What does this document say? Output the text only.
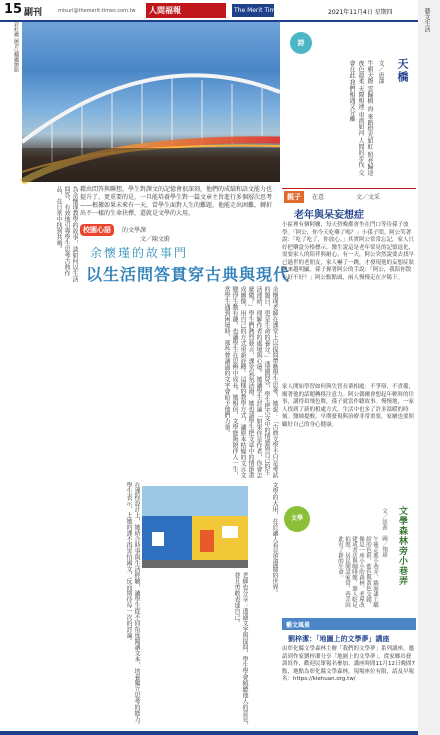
15 副刊	misurl@themerit-times.com.tw	人間福報	The Merit Times	2021年11月4日 星期四	藝文生活
彩虹橋 圖/片/翻攝網路	詩
天橋
文／唐澤
牛頓天際 雲歸橋 海 來路燈光如虹 照亮歸途 夜色溫柔 天際相連 車流如河 人間的步伐 交會在此 我們相遇又分離
藉由問答與聯想，學生對課文的記憶會很深刻，他們的成績和語文能力也提升了，更重要的是，一旦能培養學生對一篇文章主旨進行多個層次思考——根據如果未來有一天，當學生面對人生的難題，他能走出困難，轉折出不一樣的生命抉擇，還就是文學的大用。
校園心語	的文學課
文／陳文蔚
余懷瑾的故事門
以生活問答貫穿古典與現代
為余懷瑾教學的故事，談如何以生活問答，有效地引導學生思考古典作品，在日常中找到共鳴。
余懷瑾老師在課堂上以提問帶動學生思考，她說：「古典文學不只是考試的題目，更是生命的養分。」透過問答，學生把古文中的情感與自己的生活連結，理解作者的處境與心境。她讓學生討論「如果你是作者，你會怎麼做？」學生們熱烈發言，課堂氣氛活潑。她也請學生把文章中的情節畫成圖像，用自己的方式重新詮釋。這樣的教學方式，讓原本枯燥的文言文變得生動有趣，也讓學生在思辨中成長。她相信，文學能夠陪伴人一生，當學生遇到困境時，那些曾讀過的文字會給予他們力量。
在課程設計上，她結合時事與生活經驗，讓學生從不同角度閱讀文本，培養獨立思考的能力。學生表示，上她的課不再害怕國文，反而期待每一次的討論。	文學的大用，在於讓人看見更遼闊的世界。
老師也分享：透過文字與提問，學生學會傾聽他人的意見，並且勇敢表達自己。
親子	在意	文／文采
老年與呆妄想症
小區裡有個阿嬤，每天傍晚都會坐在門口等待孫子放學。「阿公，你今天吃藥了嗎？」小孫子問。阿公笑著說：「吃了吃了，你放心。」其實阿公常常忘記，家人只好把藥盒分格標示。醫生說這是老年常見的記憶退化，需要家人的陪伴與耐心。有一天，阿公突然說要去找早已過世的老朋友，家人嚇了一跳，才發現他的妄想症狀越來越明顯。孫子握著阿公的手說：「阿公，我陪你散步好不好？」阿公點點頭，兩人慢慢走在夕陽下。
家人開始學習如何與失智長輩相處：不爭辯、不責備，順著他的話題轉移注意力。阿公偶爾會想起年輕時的往事，講得眉飛色舞，孫子就當作聽故事。慢慢地，一家人找到了新的相處方式，生活中也多了許多溫暖的時刻。醫師提醒，早期發現與治療非常重要，家屬也要照顧好自己的身心健康。
文學	文學森林旁小巷弄
文／淡黃　圖／翔瑋
午後走進小巷弄，牆面漆上繽紛的色彩，藍色與黃色交錯，像是一座小小的森林。老屋改建成書店與咖啡館，旅人駐足拍照，居民閒話家常，巷弄因此有了新的生命。
藝文風景
劉梓潔：「地圖上的文學夢」講座
由彰化縣文學森林主辦「我們的文學夢」系列講座，邀請到作家劉梓潔分享「地圖上的文學夢」，從家鄉出發談寫作，歡迎民眾報名參加。講座時間11月12日晚間7點，地點為彰化縣文學森林，現場座位有限，請及早報名：https://kiehuan.org.tw/
